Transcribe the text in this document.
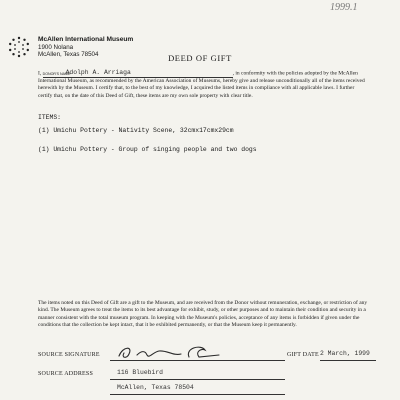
1999.1
McAllen International Museum
1900 Nolana
McAllen, Texas 78504	DEED OF GIFT
I, DONOR'S NAME
Adolph A. Arriaga	, in conformity with the policies adopted by the McAllen International Museum, as recommended by the American Association of Museums, hereby give and release unconditionally all of the items received herewith by the Museum. I certify that, to the best of my knowledge, I acquired the listed items in compliance with all applicable laws. I further certify that, on the date of this Deed of Gift, these items are my own sole property with clear title.
ITEMS:
(1) Umichu Pottery - Nativity Scene, 32cmx17cmx29cm
(1) Umichu Pottery - Group of singing people and two dogs
The items noted on this Deed of Gift are a gift to the Museum, and are received from the Donor without remuneration, exchange, or restriction of any kind. The Museum agrees to treat the items to its best advantage for exhibit, study, or other purposes and to maintain their condition and security in a manner consistent with the total museum program. In keeping with the Museum's policies, acceptance of any items is forbidden if given under the conditions that the collection be kept intact, that it be exhibited permanently, or that the Museum keep it permanently.
SOURCE SIGNATURE	GIFT DATE 2 March, 1999
SOURCE ADDRESS	116 Bluebird
McAllen, Texas 78504
